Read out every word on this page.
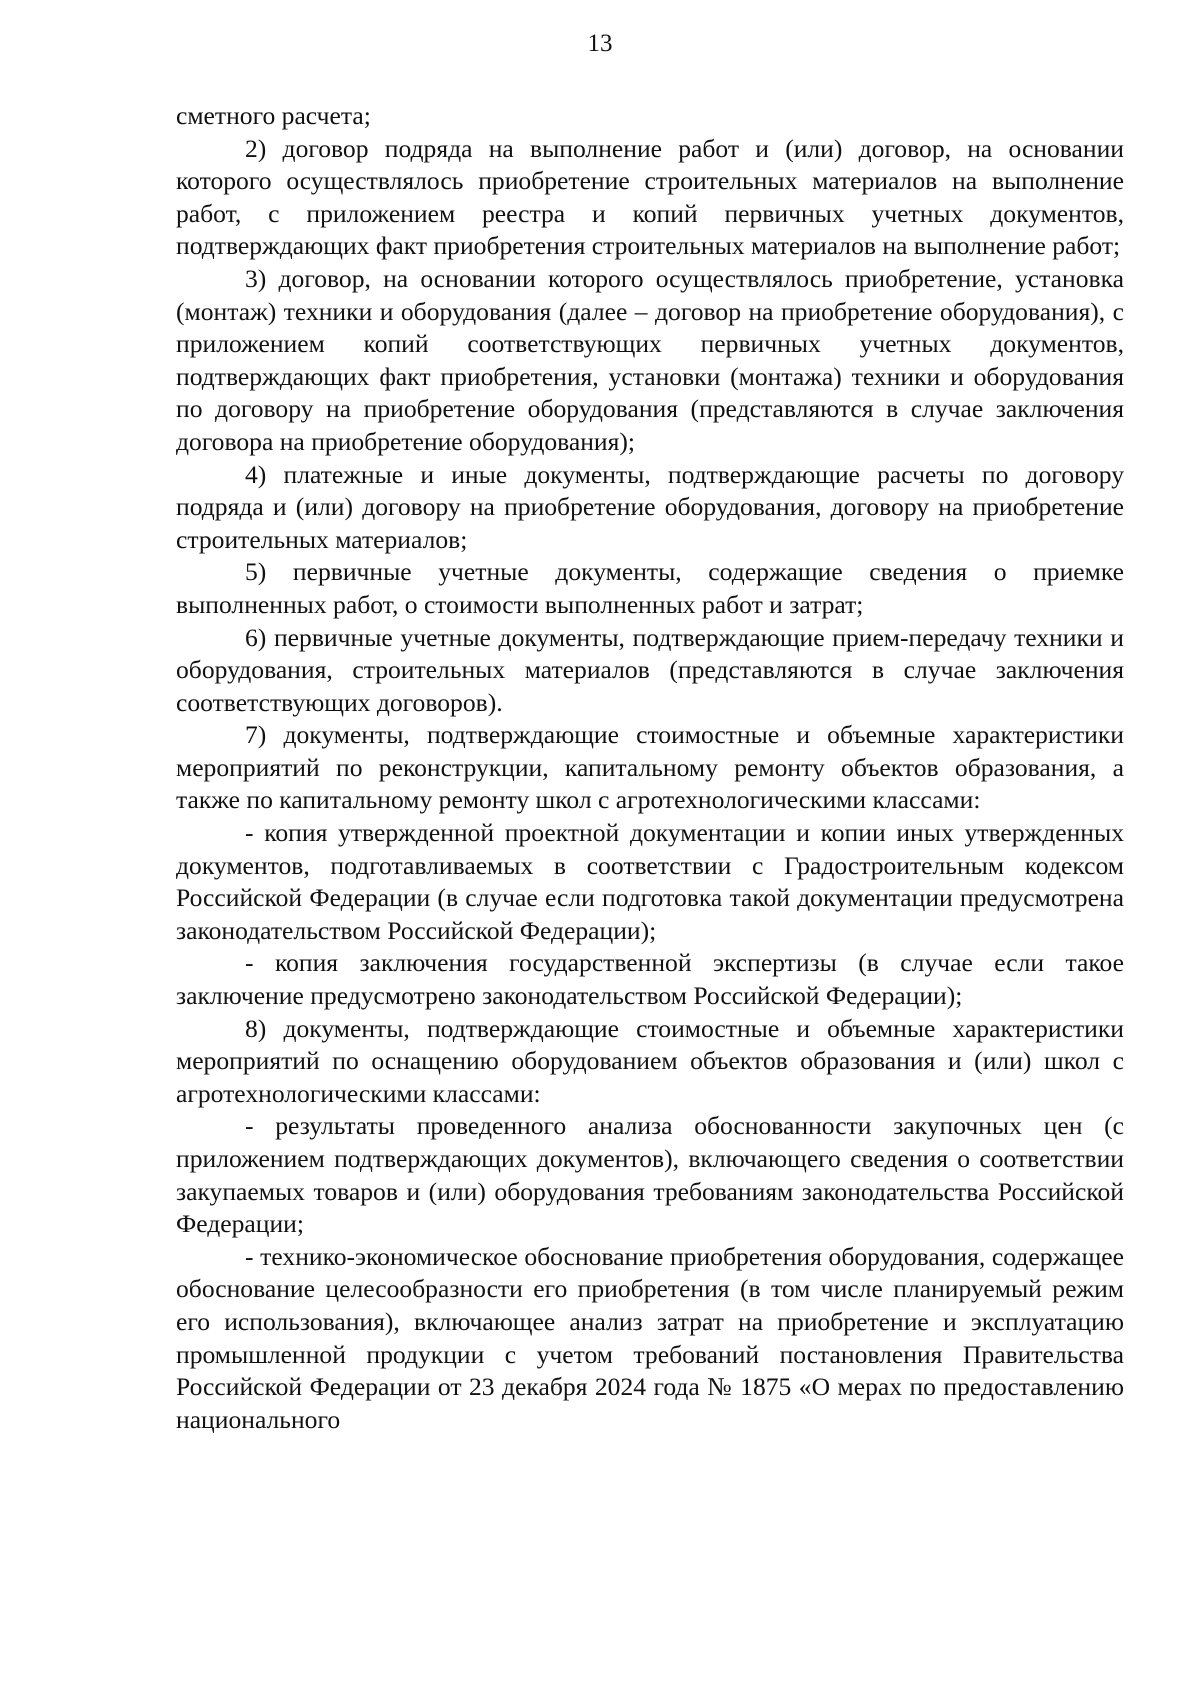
13

сметного расчета;

2) договор подряда на выполнение работ и (или) договор, на основании которого осуществлялось приобретение строительных материалов на выполнение работ, с приложением реестра и копий первичных учетных документов, подтверждающих факт приобретения строительных материалов на выполнение работ;

3) договор, на основании которого осуществлялось приобретение, установка (монтаж) техники и оборудования (далее – договор на приобретение оборудования), с приложением копий соответствующих первичных учетных документов, подтверждающих факт приобретения, установки (монтажа) техники и оборудования по договору на приобретение оборудования (представляются в случае заключения договора на приобретение оборудования);

4) платежные и иные документы, подтверждающие расчеты по договору подряда и (или) договору на приобретение оборудования, договору на приобретение строительных материалов;

5) первичные учетные документы, содержащие сведения о приемке выполненных работ, о стоимости выполненных работ и затрат;

6) первичные учетные документы, подтверждающие прием-передачу техники и оборудования, строительных материалов (представляются в случае заключения соответствующих договоров).

7) документы, подтверждающие стоимостные и объемные характеристики мероприятий по реконструкции, капитальному ремонту объектов образования, а также по капитальному ремонту школ с агротехнологическими классами:

- копия утвержденной проектной документации и копии иных утвержденных документов, подготавливаемых в соответствии с Градостроительным кодексом Российской Федерации (в случае если подготовка такой документации предусмотрена законодательством Российской Федерации);

- копия заключения государственной экспертизы (в случае если такое заключение предусмотрено законодательством Российской Федерации);

8) документы, подтверждающие стоимостные и объемные характеристики мероприятий по оснащению оборудованием объектов образования и (или) школ с агротехнологическими классами:

- результаты проведенного анализа обоснованности закупочных цен (с приложением подтверждающих документов), включающего сведения о соответствии закупаемых товаров и (или) оборудования требованиям законодательства Российской Федерации;

- технико-экономическое обоснование приобретения оборудования, содержащее обоснование целесообразности его приобретения (в том числе планируемый режим его использования), включающее анализ затрат на приобретение и эксплуатацию промышленной продукции с учетом требований постановления Правительства Российской Федерации от 23 декабря 2024 года № 1875 «О мерах по предоставлению национального
